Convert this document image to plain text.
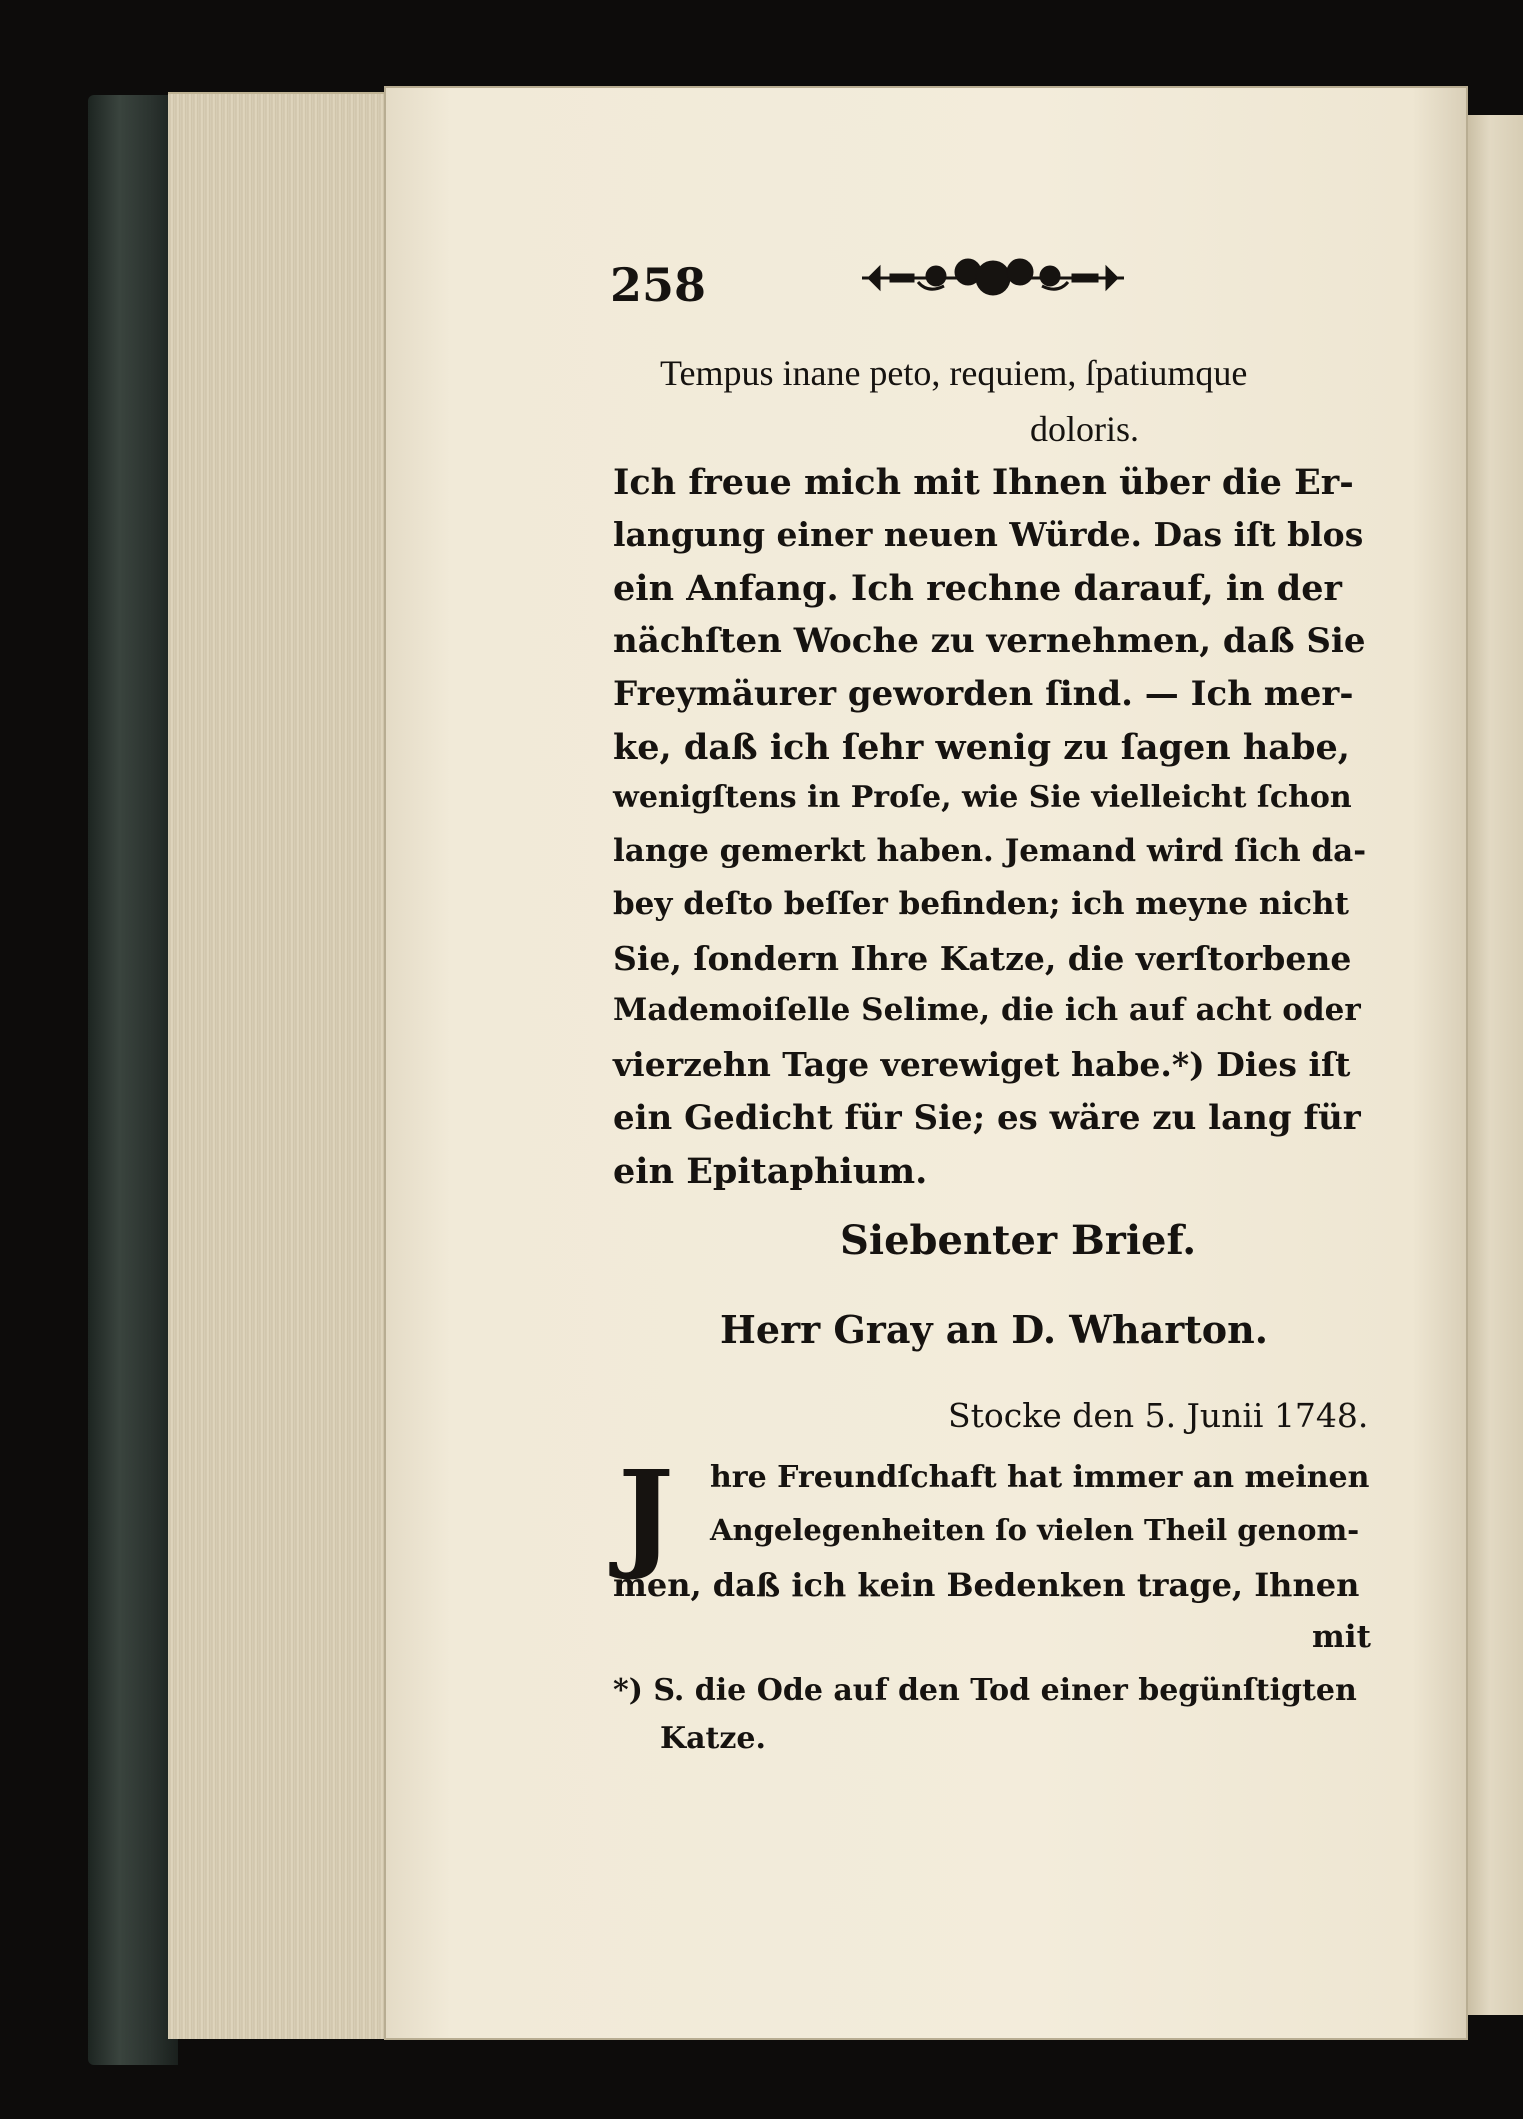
258
Tempus inane peto, requiem, ſpatiumque
doloris.
Ich freue mich mit Ihnen über die Er-
langung einer neuen Würde. Das iſt blos
ein Anfang. Ich rechne darauf, in der
nächſten Woche zu vernehmen, daß Sie
Freymäurer geworden ſind. — Ich mer-
ke, daß ich ſehr wenig zu ſagen habe,
wenigſtens in Proſe, wie Sie vielleicht ſchon
lange gemerkt haben. Jemand wird ſich da-
bey deſto beſſer befinden; ich meyne nicht
Sie, ſondern Ihre Katze, die verſtorbene
Mademoiſelle Selime, die ich auf acht oder
vierzehn Tage verewiget habe.*) Dies iſt
ein Gedicht für Sie; es wäre zu lang für
ein Epitaphium.
Siebenter Brief.
Herr Gray an D. Wharton.
Stocke den 5. Junii 1748.
J hre Freundſchaft hat immer an meinen
Angelegenheiten ſo vielen Theil genom-
men, daß ich kein Bedenken trage, Ihnen
mit
*) S. die Ode auf den Tod einer begünſtigten
Katze.
